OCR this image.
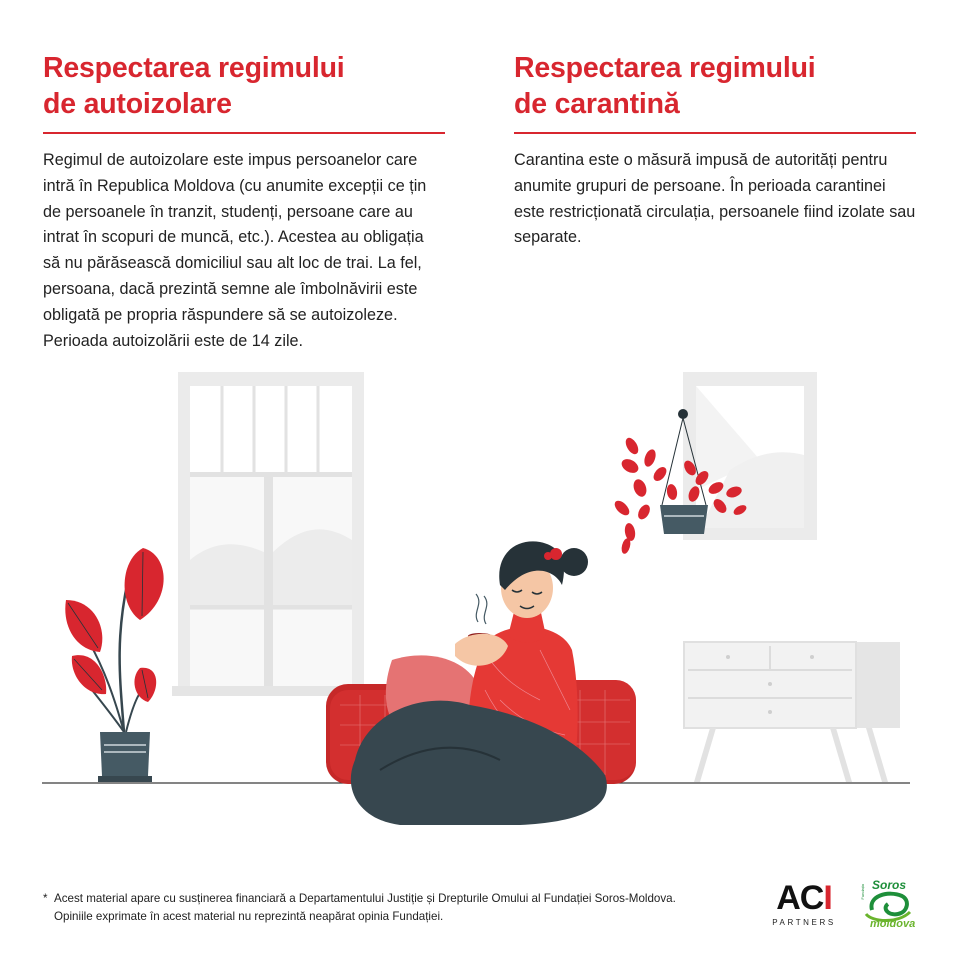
Respectarea regimului
de autoizolare

Regimul de autoizolare este impus persoanelor care intră în Republica Moldova (cu anumite excepții ce țin de persoanele în tranzit, studenți, persoane care au intrat în scopuri de muncă, etc.). Acestea au obligația să nu părăsească domiciliul sau alt loc de trai. La fel, persoana, dacă prezintă semne ale îmbolnăvirii este obligată pe propria răspundere să se autoizoleze. Perioada autoizolării este de 14 zile.

Respectarea regimului
de carantină

Carantina este o măsură impusă de autorități pentru anumite grupuri de persoane. În perioada carantinei este restricționată circulația, persoanele fiind izolate sau separate.

* Acest material apare cu susținerea financiară a Departamentului Justiție și Drepturile Omului al Fundației Soros-Moldova. Opiniile exprimate în acest material nu reprezintă neapărat opinia Fundației.	ACI
PARTNERS
Fundația Soros
moldova
